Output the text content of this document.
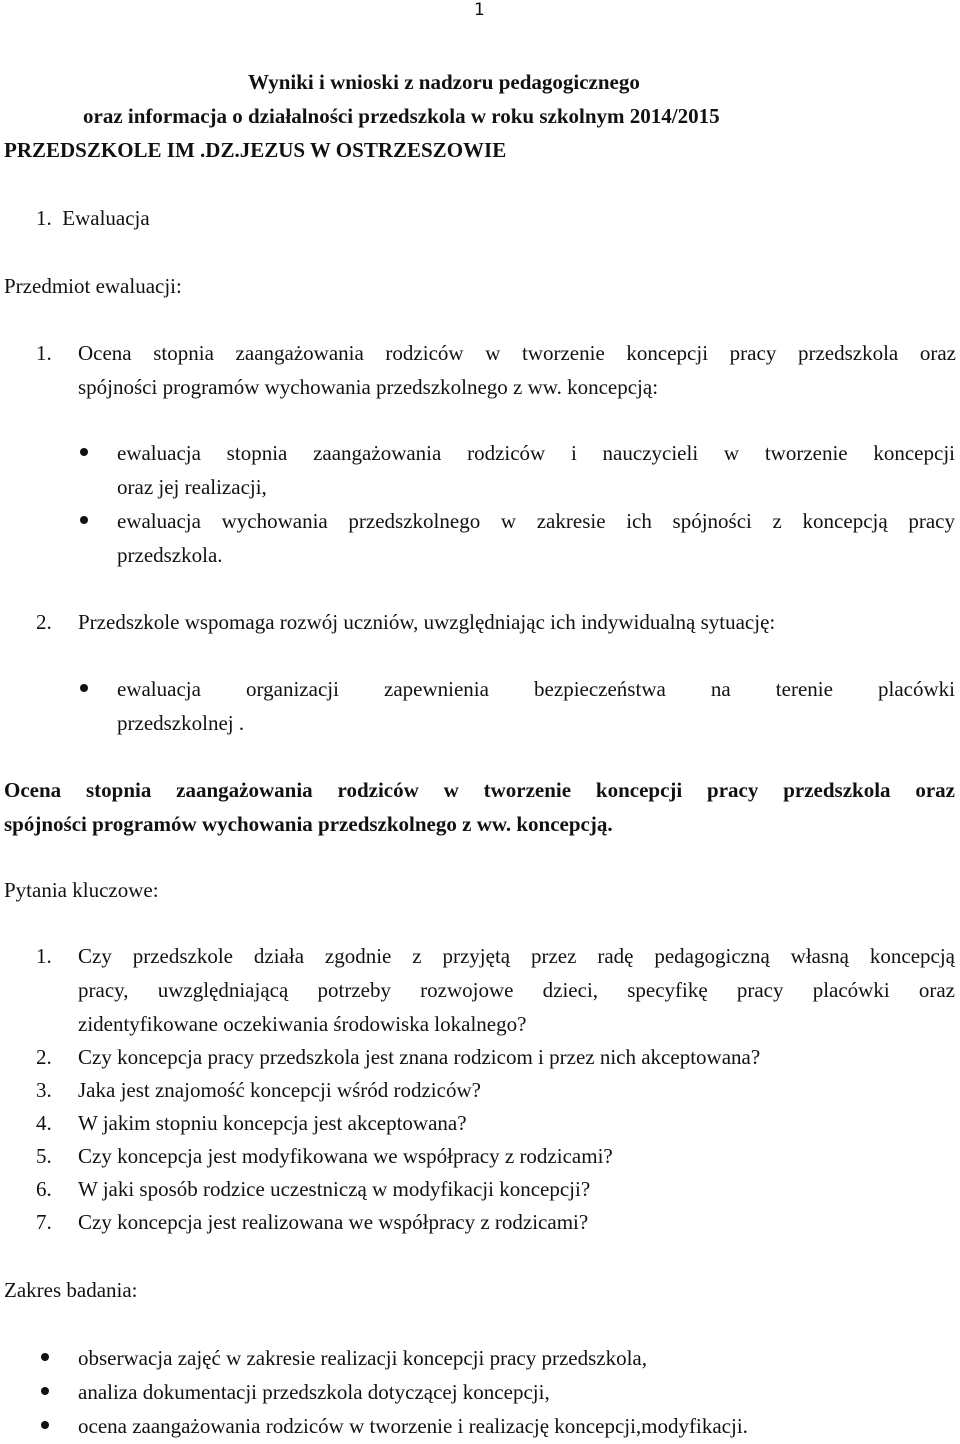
1
Wyniki i wnioski z nadzoru pedagogicznego
oraz informacja o działalności przedszkola w roku szkolnym 2014/2015
PRZEDSZKOLE IM .DZ.JEZUS W OSTRZESZOWIE
1.  Ewaluacja
Przedmiot ewaluacji:
1. Ocena stopnia zaangażowania rodziców w tworzenie koncepcji pracy przedszkola oraz
spójności programów wychowania przedszkolnego z ww. koncepcją:
ewaluacja stopnia zaangażowania rodziców i nauczycieli w tworzenie koncepcji
oraz jej realizacji,
ewaluacja wychowania przedszkolnego w zakresie ich spójności z koncepcją pracy
przedszkola.
2. Przedszkole wspomaga rozwój uczniów, uwzględniając ich indywidualną sytuację:
ewaluacja organizacji zapewnienia bezpieczeństwa na terenie placówki
przedszkolnej .
Ocena stopnia zaangażowania rodziców w tworzenie koncepcji pracy przedszkola oraz
spójności programów wychowania przedszkolnego z ww. koncepcją.
Pytania kluczowe:
1. Czy przedszkole działa zgodnie z przyjętą przez radę pedagogiczną własną koncepcją
pracy, uwzględniającą potrzeby rozwojowe dzieci, specyfikę pracy placówki oraz
zidentyfikowane oczekiwania środowiska lokalnego?
2. Czy koncepcja pracy przedszkola jest znana rodzicom i przez nich akceptowana?
3. Jaka jest znajomość koncepcji wśród rodziców?
4. W jakim stopniu koncepcja jest akceptowana?
5. Czy koncepcja jest modyfikowana we współpracy z rodzicami?
6. W jaki sposób rodzice uczestniczą w modyfikacji koncepcji?
7. Czy koncepcja jest realizowana we współpracy z rodzicami?
Zakres badania:
obserwacja zajęć w zakresie realizacji koncepcji pracy przedszkola,
analiza dokumentacji przedszkola dotyczącej koncepcji,
ocena zaangażowania rodziców w tworzenie i realizację koncepcji,modyfikacji.
